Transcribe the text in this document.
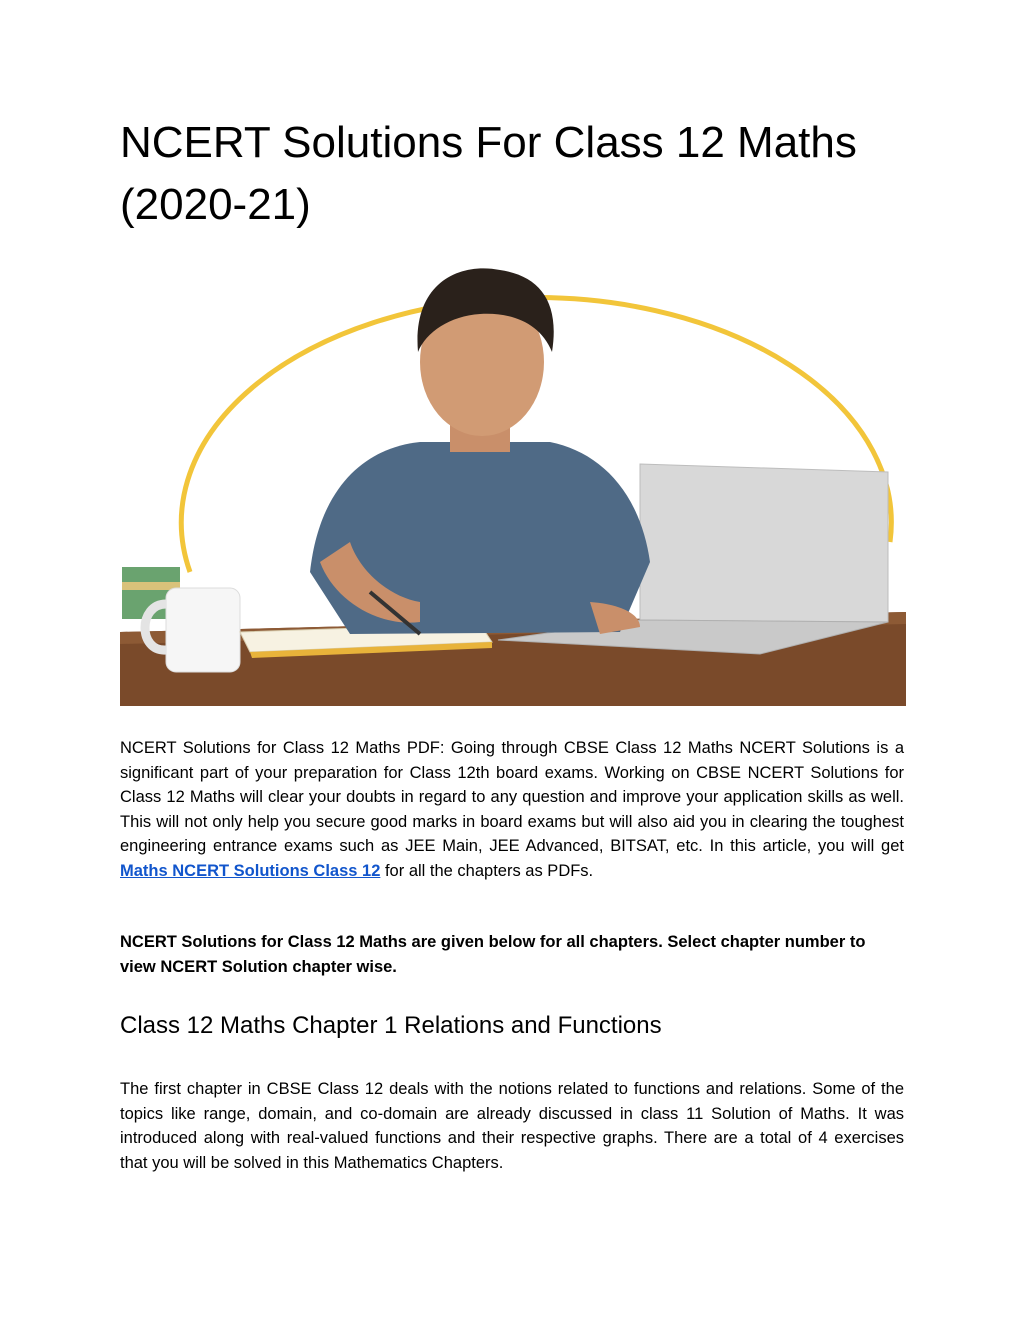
NCERT Solutions For Class 12 Maths (2020-21)

NCERT Solutions for Class 12 Maths PDF: Going through CBSE Class 12 Maths NCERT Solutions is a significant part of your preparation for Class 12th board exams. Working on CBSE NCERT Solutions for Class 12 Maths will clear your doubts in regard to any question and improve your application skills as well. This will not only help you secure good marks in board exams but will also aid you in clearing the toughest engineering entrance exams such as JEE Main, JEE Advanced, BITSAT, etc. In this article, you will get Maths NCERT Solutions Class 12 for all the chapters as PDFs.

NCERT Solutions for Class 12 Maths are given below for all chapters. Select chapter number to view NCERT Solution chapter wise.

Class 12 Maths Chapter 1 Relations and Functions

The first chapter in CBSE Class 12 deals with the notions related to functions and relations. Some of the topics like range, domain, and co-domain are already discussed in class 11 Solution of Maths. It was introduced along with real-valued functions and their respective graphs. There are a total of 4 exercises that you will be solved in this Mathematics Chapters.
